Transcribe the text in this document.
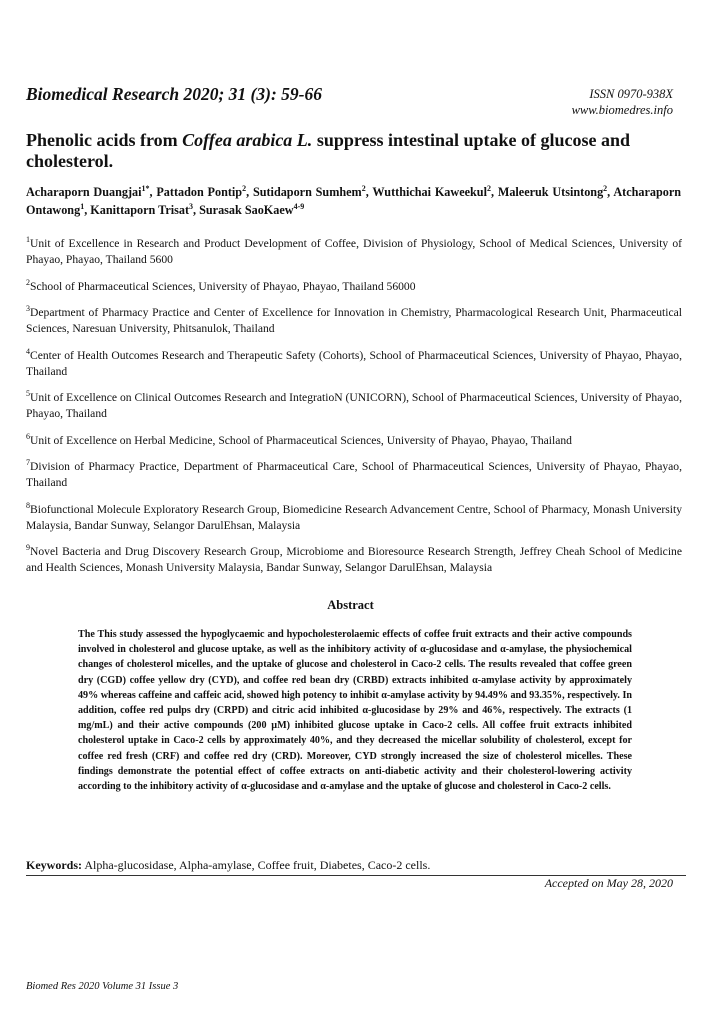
Biomedical Research 2020; 31 (3): 59-66	ISSN 0970-938X
www.biomedres.info
Phenolic acids from Coffea arabica L. suppress intestinal uptake of glucose and cholesterol.
Acharaporn Duangjai$^{1*}$, Pattadon Pontip$^2$, Sutidaporn Sumhem$^2$, Wutthichai Kaweekul$^2$, Maleeruk Utsintong$^2$, Atcharaporn Ontawong$^1$, Kanittaporn Trisat$^3$, Surasak SaoKaew$^{4-9}$

$^1$Unit of Excellence in Research and Product Development of Coffee, Division of Physiology, School of Medical Sciences, University of Phayao, Phayao, Thailand 5600

$^2$School of Pharmaceutical Sciences, University of Phayao, Phayao, Thailand 56000

$^3$Department of Pharmacy Practice and Center of Excellence for Innovation in Chemistry, Pharmacological Research Unit, Pharmaceutical Sciences, Naresuan University, Phitsanulok, Thailand

$^4$Center of Health Outcomes Research and Therapeutic Safety (Cohorts), School of Pharmaceutical Sciences, University of Phayao, Phayao, Thailand

$^5$Unit of Excellence on Clinical Outcomes Research and IntegratioN (UNICORN), School of Pharmaceutical Sciences, University of Phayao, Phayao, Thailand

$^6$Unit of Excellence on Herbal Medicine, School of Pharmaceutical Sciences, University of Phayao, Phayao, Thailand

$^7$Division of Pharmacy Practice, Department of Pharmaceutical Care, School of Pharmaceutical Sciences, University of Phayao, Phayao, Thailand

$^8$Biofunctional Molecule Exploratory Research Group, Biomedicine Research Advancement Centre, School of Pharmacy, Monash University Malaysia, Bandar Sunway, Selangor DarulEhsan, Malaysia

$^9$Novel Bacteria and Drug Discovery Research Group, Microbiome and Bioresource Research Strength, Jeffrey Cheah School of Medicine and Health Sciences, Monash University Malaysia, Bandar Sunway, Selangor DarulEhsan, Malaysia

Abstract
The This study assessed the hypoglycaemic and hypocholesterolaemic effects of coffee fruit extracts and their active compounds involved in cholesterol and glucose uptake, as well as the inhibitory activity of α-glucosidase and α-amylase, the physiochemical changes of cholesterol micelles, and the uptake of glucose and cholesterol in Caco-2 cells. The results revealed that coffee green dry (CGD) coffee yellow dry (CYD), and coffee red bean dry (CRBD) extracts inhibited α-amylase activity by approximately 49% whereas caffeine and caffeic acid, showed high potency to inhibit α-amylase activity by 94.49% and 93.35%, respectively. In addition, coffee red pulps dry (CRPD) and citric acid inhibited α-glucosidase by 29% and 46%, respectively. The extracts (1 mg/mL) and their active compounds (200 µM) inhibited glucose uptake in Caco-2 cells. All coffee fruit extracts inhibited cholesterol uptake in Caco-2 cells by approximately 40%, and they decreased the micellar solubility of cholesterol, except for coffee red fresh (CRF) and coffee red dry (CRD). Moreover, CYD strongly increased the size of cholesterol micelles. These findings demonstrate the potential effect of coffee extracts on anti-diabetic activity and their cholesterol-lowering activity according to the inhibitory activity of α-glucosidase and α-amylase and the uptake of glucose and cholesterol in Caco-2 cells.
Keywords: Alpha-glucosidase, Alpha-amylase, Coffee fruit, Diabetes, Caco-2 cells.
Accepted on May 28, 2020
Biomed Res 2020 Volume 31 Issue 3
